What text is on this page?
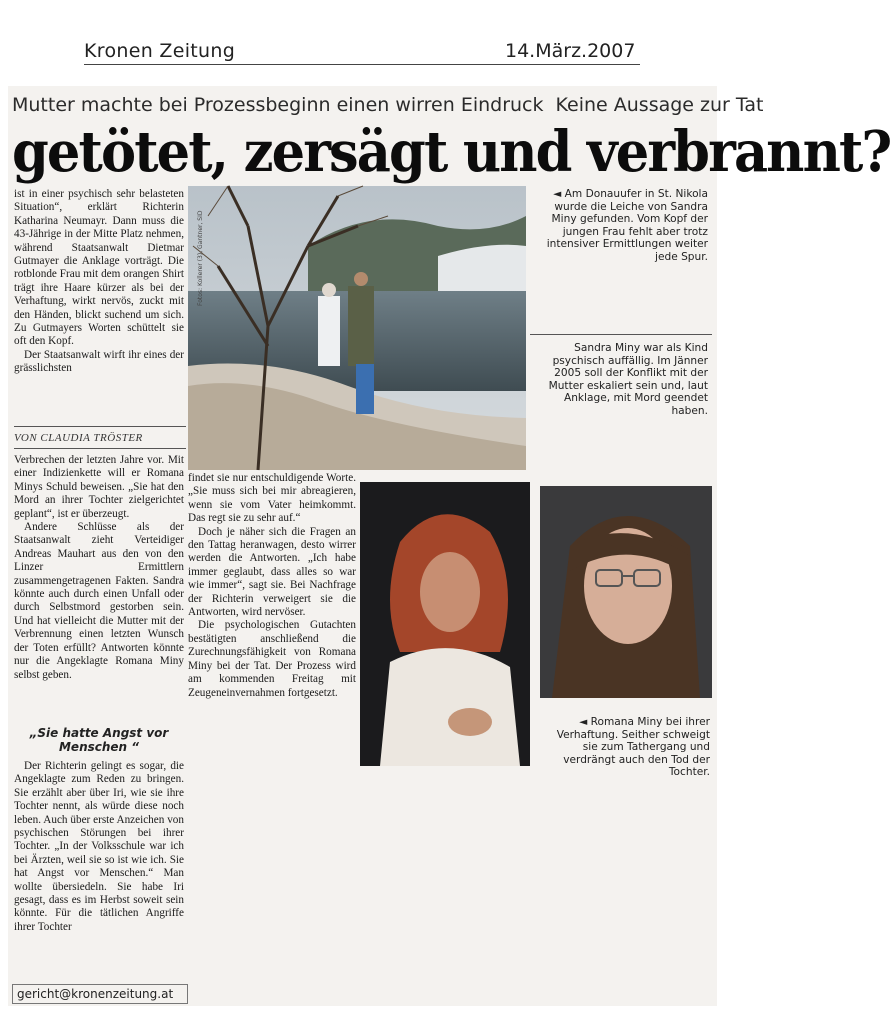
Kronen Zeitung	14.März.2007
Mutter machte bei Prozessbeginn einen wirren Eindruck Keine Aussage zur Tat
getötet, zersägt und verbrannt?

ist in einer psychisch sehr belasteten Situation“, erklärt Richterin Katharina Neumayr. Dann muss die 43-Jährige in der Mitte Platz nehmen, während Staatsanwalt Dietmar Gutmayer die Anklage vorträgt. Die rotblonde Frau mit dem orangen Shirt trägt ihre Haare kürzer als bei der Verhaftung, wirkt nervös, zuckt mit den Händen, blickt suchend um sich. Zu Gutmayers Worten schüttelt sie oft den Kopf.

Der Staatsanwalt wirft ihr eines der grässlichsten

VON CLAUDIA TRÖSTER

Verbrechen der letzten Jahre vor. Mit einer Indizienkette will er Romana Minys Schuld beweisen. „Sie hat den Mord an ihrer Tochter zielgerichtet geplant“, ist er überzeugt.

Andere Schlüsse als der Staatsanwalt zieht Verteidiger Andreas Mauhart aus den von den Linzer Ermittlern zusammengetragenen Fakten. Sandra könnte auch durch einen Unfall oder durch Selbstmord gestorben sein. Und hat vielleicht die Mutter mit der Verbrennung einen letzten Wunsch der Toten erfüllt? Antworten könnte nur die Angeklagte Romana Miny selbst geben.

„Sie hatte Angst vor Menschen “

Der Richterin gelingt es sogar, die Angeklagte zum Reden zu bringen. Sie erzählt aber über Iri, wie sie ihre Tochter nennt, als würde diese noch leben. Auch über erste Anzeichen von psychischen Störungen bei ihrer Tochter. „In der Volksschule war ich bei Ärzten, weil sie so ist wie ich. Sie hat Angst vor Menschen.“ Man wollte übersiedeln. Sie habe Iri gesagt, dass es im Herbst soweit sein könnte. Für die tätlichen Angriffe ihrer Tochter

gericht@kronenzeitung.at
Fotos: Kollerer (3), Gantner, SID
◄ Am Donauufer in St. Nikola wurde die Leiche von Sandra Miny gefunden. Vom Kopf der jungen Frau fehlt aber trotz intensiver Ermittlungen weiter jede Spur.
Sandra Miny war als Kind psychisch auffällig. Im Jänner 2005 soll der Konflikt mit der Mutter eskaliert sein und, laut Anklage, mit Mord geendet haben.

findet sie nur entschuldigende Worte. „Sie muss sich bei mir abreagieren, wenn sie vom Vater heimkommt. Das regt sie zu sehr auf.“

Doch je näher sich die Fragen an den Tattag heranwagen, desto wirrer werden die Antworten. „Ich habe immer geglaubt, dass alles so war wie immer“, sagt sie. Bei Nachfrage der Richterin verweigert sie die Antworten, wird nervöser.

Die psychologischen Gutachten bestätigten anschließend die Zurechnungsfähigkeit von Romana Miny bei der Tat. Der Prozess wird am kommenden Freitag mit Zeugeneinvernahmen fortgesetzt.

◄ Romana Miny bei ihrer Verhaftung. Seither schweigt sie zum Tathergang und verdrängt auch den Tod der Tochter.
